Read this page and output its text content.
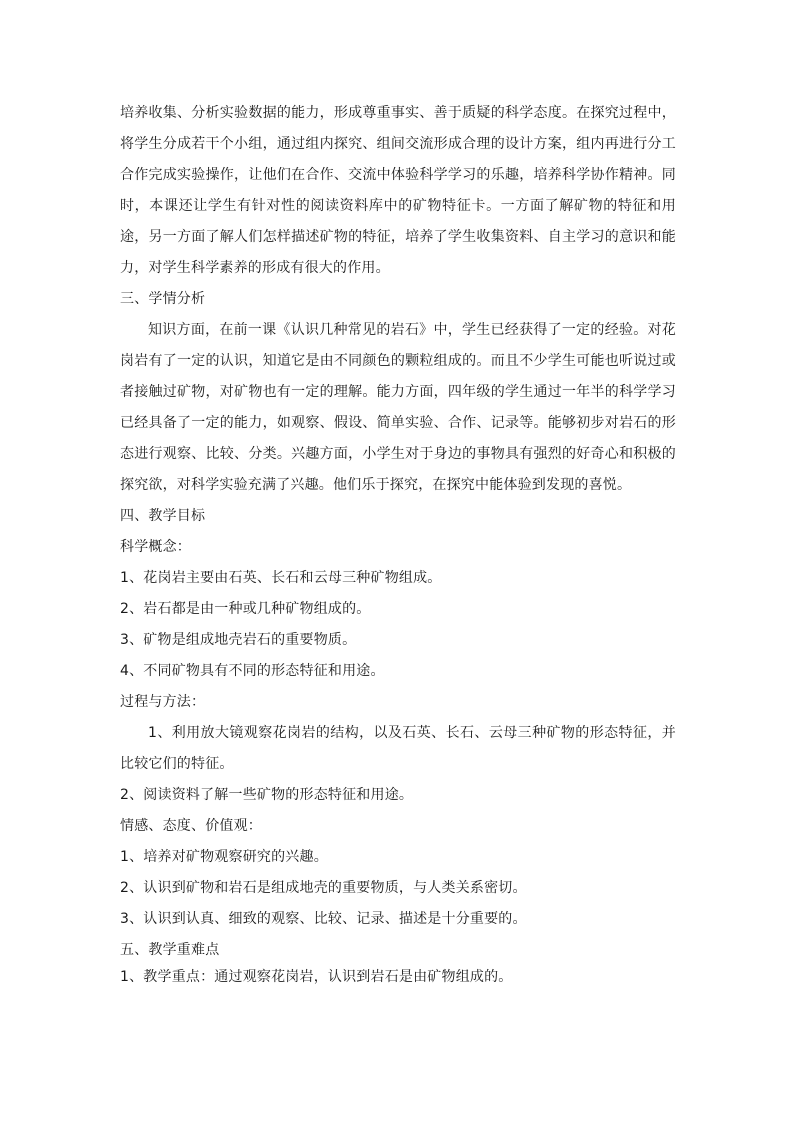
培养收集、分析实验数据的能力，形成尊重事实、善于质疑的科学态度。在探究过程中，将学生分成若干个小组，通过组内探究、组间交流形成合理的设计方案，组内再进行分工合作完成实验操作，让他们在合作、交流中体验科学学习的乐趣，培养科学协作精神。同时，本课还让学生有针对性的阅读资料库中的矿物特征卡。一方面了解矿物的特征和用途，另一方面了解人们怎样描述矿物的特征，培养了学生收集资料、自主学习的意识和能力，对学生科学素养的形成有很大的作用。

三、学情分析

知识方面，在前一课《认识几种常见的岩石》中，学生已经获得了一定的经验。对花岗岩有了一定的认识，知道它是由不同颜色的颗粒组成的。而且不少学生可能也听说过或者接触过矿物，对矿物也有一定的理解。能力方面，四年级的学生通过一年半的科学学习已经具备了一定的能力，如观察、假设、简单实验、合作、记录等。能够初步对岩石的形态进行观察、比较、分类。兴趣方面，小学生对于身边的事物具有强烈的好奇心和积极的探究欲，对科学实验充满了兴趣。他们乐于探究，在探究中能体验到发现的喜悦。

四、教学目标

科学概念：

1、花岗岩主要由石英、长石和云母三种矿物组成。

2、岩石都是由一种或几种矿物组成的。

3、矿物是组成地壳岩石的重要物质。

4、不同矿物具有不同的形态特征和用途。

过程与方法：

1、利用放大镜观察花岗岩的结构，以及石英、长石、云母三种矿物的形态特征，并比较它们的特征。

2、阅读资料了解一些矿物的形态特征和用途。

情感、态度、价值观：

1、培养对矿物观察研究的兴趣。

2、认识到矿物和岩石是组成地壳的重要物质，与人类关系密切。

3、认识到认真、细致的观察、比较、记录、描述是十分重要的。

五、教学重难点

1、教学重点：通过观察花岗岩，认识到岩石是由矿物组成的。
